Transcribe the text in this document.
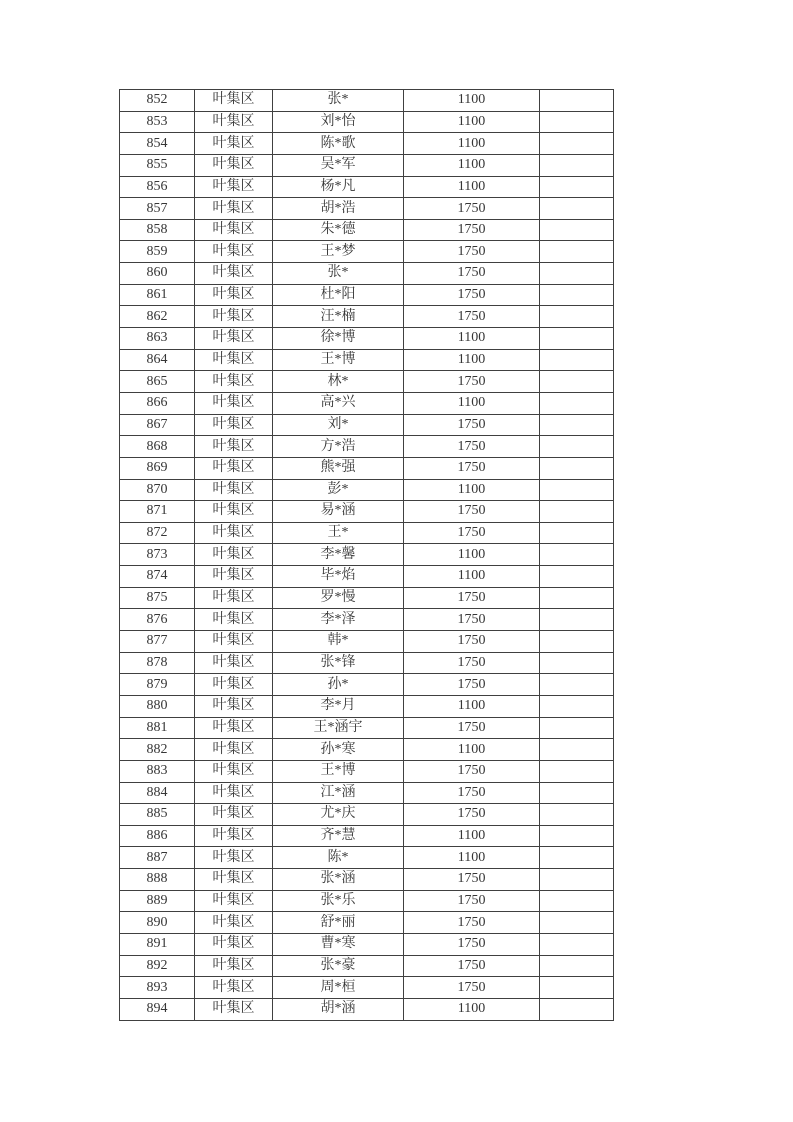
852	叶集区	张*	1100	
853	叶集区	刘*怡	1100	
854	叶集区	陈*歌	1100	
855	叶集区	吴*军	1100	
856	叶集区	杨*凡	1100	
857	叶集区	胡*浩	1750	
858	叶集区	朱*德	1750	
859	叶集区	王*梦	1750	
860	叶集区	张*	1750	
861	叶集区	杜*阳	1750	
862	叶集区	汪*楠	1750	
863	叶集区	徐*博	1100	
864	叶集区	王*博	1100	
865	叶集区	林*	1750	
866	叶集区	高*兴	1100	
867	叶集区	刘*	1750	
868	叶集区	方*浩	1750	
869	叶集区	熊*强	1750	
870	叶集区	彭*	1100	
871	叶集区	易*涵	1750	
872	叶集区	王*	1750	
873	叶集区	李*馨	1100	
874	叶集区	毕*焰	1100	
875	叶集区	罗*慢	1750	
876	叶集区	李*泽	1750	
877	叶集区	韩*	1750	
878	叶集区	张*锋	1750	
879	叶集区	孙*	1750	
880	叶集区	李*月	1100	
881	叶集区	王*涵宇	1750	
882	叶集区	孙*寒	1100	
883	叶集区	王*博	1750	
884	叶集区	江*涵	1750	
885	叶集区	尤*庆	1750	
886	叶集区	齐*慧	1100	
887	叶集区	陈*	1100	
888	叶集区	张*涵	1750	
889	叶集区	张*乐	1750	
890	叶集区	舒*丽	1750	
891	叶集区	曹*寒	1750	
892	叶集区	张*豪	1750	
893	叶集区	周*桓	1750	
894	叶集区	胡*涵	1100	
